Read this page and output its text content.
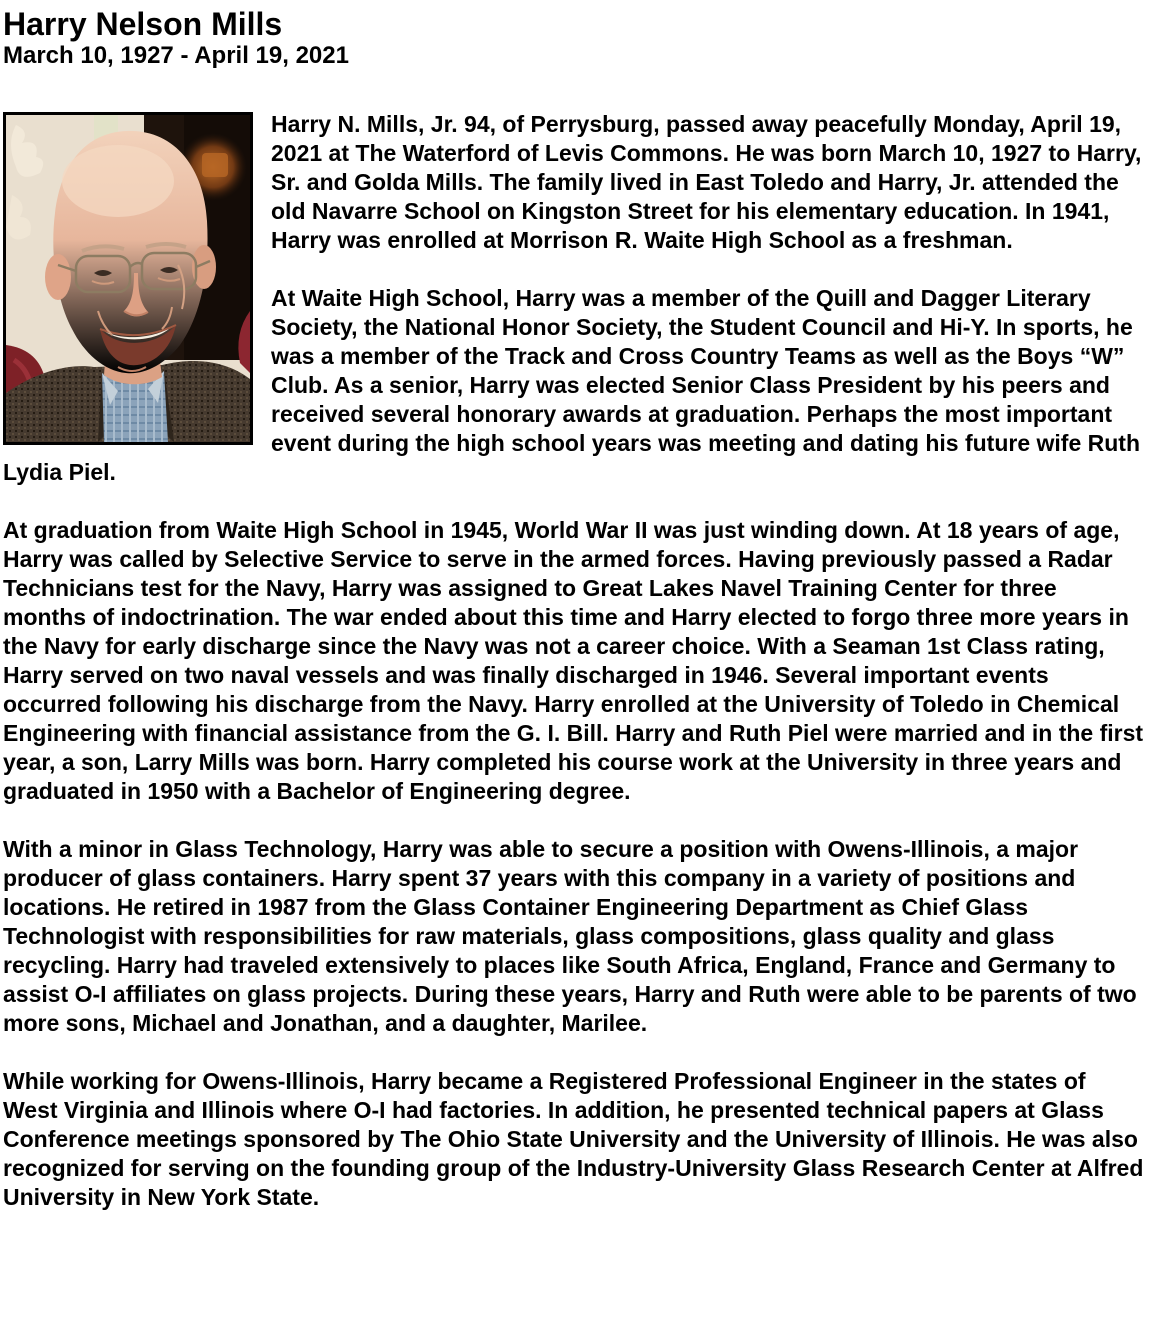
Harry Nelson Mills
March 10, 1927 - April 19, 2021

Harry N. Mills, Jr. 94, of Perrysburg, passed away peacefully Monday, April 19, 2021 at The Waterford of Levis Commons. He was born March 10, 1927 to Harry, Sr. and Golda Mills. The family lived in East Toledo and Harry, Jr. attended the old Navarre School on Kingston Street for his elementary education. In 1941, Harry was enrolled at Morrison R. Waite High School as a freshman.

At Waite High School, Harry was a member of the Quill and Dagger Literary Society, the National Honor Society, the Student Council and Hi-Y. In sports, he was a member of the Track and Cross Country Teams as well as the Boys “W” Club. As a senior, Harry was elected Senior Class President by his peers and received several honorary awards at graduation. Perhaps the most important event during the high school years was meeting and dating his future wife Ruth Lydia Piel.

At graduation from Waite High School in 1945, World War II was just winding down. At 18 years of age, Harry was called by Selective Service to serve in the armed forces. Having previously passed a Radar Technicians test for the Navy, Harry was assigned to Great Lakes Navel Training Center for three months of indoctrination. The war ended about this time and Harry elected to forgo three more years in the Navy for early discharge since the Navy was not a career choice. With a Seaman 1st Class rating, Harry served on two naval vessels and was finally discharged in 1946. Several important events occurred following his discharge from the Navy. Harry enrolled at the University of Toledo in Chemical Engineering with financial assistance from the G. I. Bill. Harry and Ruth Piel were married and in the first year, a son, Larry Mills was born. Harry completed his course work at the University in three years and graduated in 1950 with a Bachelor of Engineering degree.

With a minor in Glass Technology, Harry was able to secure a position with Owens-Illinois, a major producer of glass containers. Harry spent 37 years with this company in a variety of positions and locations. He retired in 1987 from the Glass Container Engineering Department as Chief Glass Technologist with responsibilities for raw materials, glass compositions, glass quality and glass recycling. Harry had traveled extensively to places like South Africa, England, France and Germany to assist O-I affiliates on glass projects. During these years, Harry and Ruth were able to be parents of two more sons, Michael and Jonathan, and a daughter, Marilee.

While working for Owens-Illinois, Harry became a Registered Professional Engineer in the states of West Virginia and Illinois where O-I had factories. In addition, he presented technical papers at Glass Conference meetings sponsored by The Ohio State University and the University of Illinois. He was also recognized for serving on the founding group of the Industry-University Glass Research Center at Alfred University in New York State.
